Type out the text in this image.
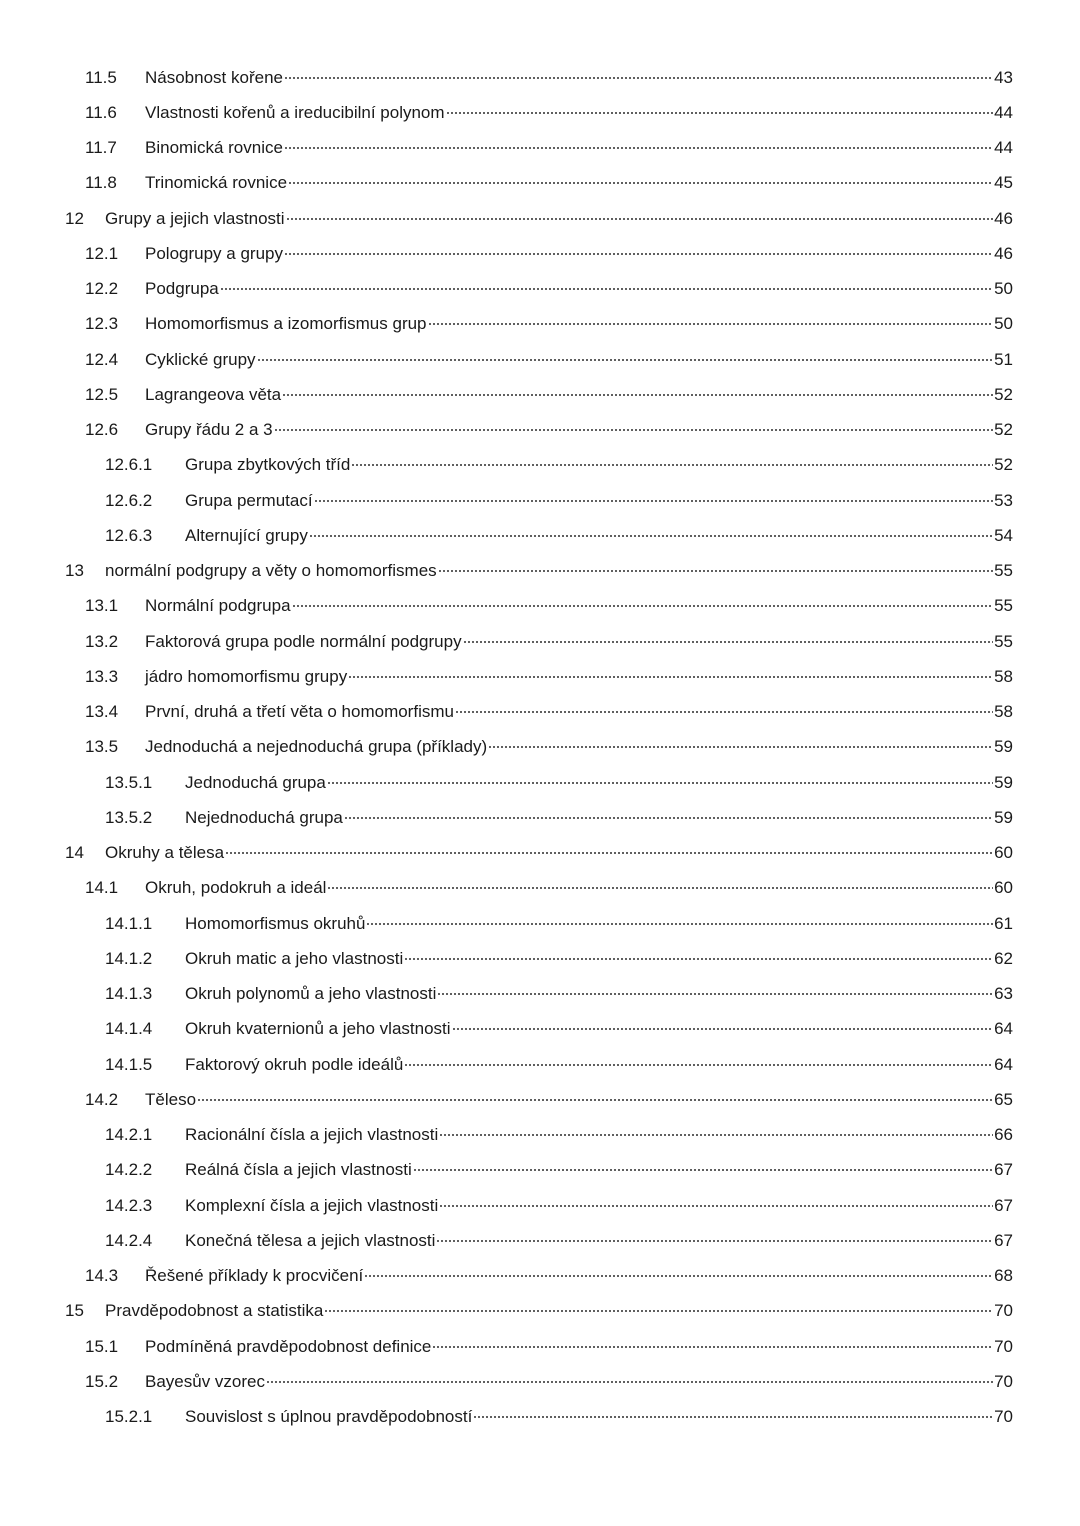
11.5 Násobnost kořene	43
11.6 Vlastnosti kořenů a ireducibilní polynom	44
11.7 Binomická rovnice	44
11.8 Trinomická rovnice	45
12 Grupy a jejich vlastnosti	46
12.1 Pologrupy a grupy	46
12.2 Podgrupa	50
12.3 Homomorfismus a izomorfismus grup	50
12.4 Cyklické grupy	51
12.5 Lagrangeova věta	52
12.6 Grupy řádu 2 a 3	52
12.6.1 Grupa zbytkových tříd	52
12.6.2 Grupa permutací	53
12.6.3 Alternující grupy	54
13 normální podgrupy a věty o homomorfismes	55
13.1 Normální podgrupa	55
13.2 Faktorová grupa podle normální podgrupy	55
13.3 jádro homomorfismu grupy	58
13.4 První, druhá a třetí věta o homomorfismu	58
13.5 Jednoduchá a nejednoduchá grupa (příklady)	59
13.5.1 Jednoduchá grupa	59
13.5.2 Nejednoduchá grupa	59
14 Okruhy a tělesa	60
14.1 Okruh, podokruh a ideál	60
14.1.1 Homomorfismus okruhů	61
14.1.2 Okruh matic a jeho vlastnosti	62
14.1.3 Okruh polynomů a jeho vlastnosti	63
14.1.4 Okruh kvaternionů a jeho vlastnosti	64
14.1.5 Faktorový okruh podle ideálů	64
14.2 Těleso	65
14.2.1 Racionální čísla a jejich vlastnosti	66
14.2.2 Reálná čísla a jejich vlastnosti	67
14.2.3 Komplexní čísla a jejich vlastnosti	67
14.2.4 Konečná tělesa a jejich vlastnosti	67
14.3 Řešené příklady k procvičení	68
15 Pravděpodobnost a statistika	70
15.1 Podmíněná pravděpodobnost definice	70
15.2 Bayesův vzorec	70
15.2.1 Souvislost s úplnou pravděpodobností	70
